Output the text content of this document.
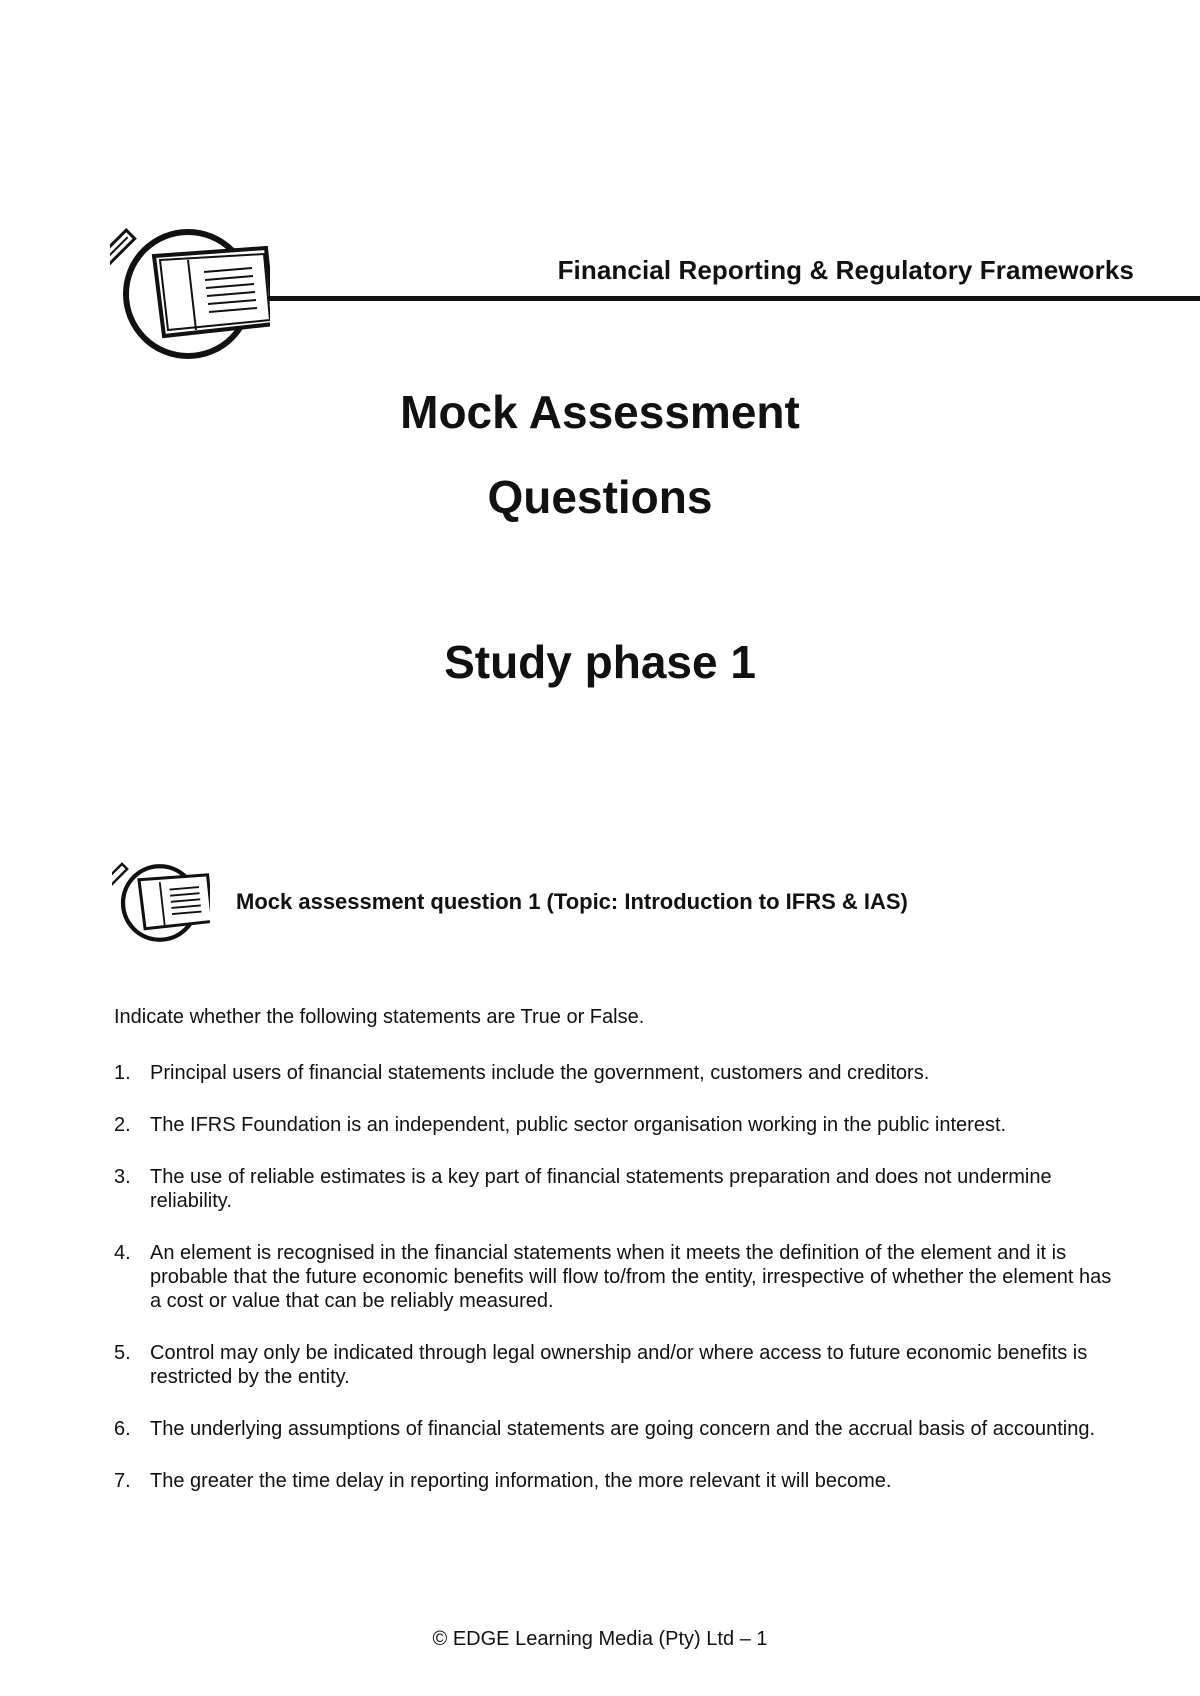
Financial Reporting & Regulatory Frameworks
Mock Assessment
Questions
Study phase 1
Mock assessment question 1 (Topic: Introduction to IFRS & IAS)
Indicate whether the following statements are True or False.
1. Principal users of financial statements include the government, customers and creditors.
2. The IFRS Foundation is an independent, public sector organisation working in the public interest.
3. The use of reliable estimates is a key part of financial statements preparation and does not undermine reliability.
4. An element is recognised in the financial statements when it meets the definition of the element and it is probable that the future economic benefits will flow to/from the entity, irrespective of whether the element has a cost or value that can be reliably measured.
5. Control may only be indicated through legal ownership and/or where access to future economic benefits is restricted by the entity.
6. The underlying assumptions of financial statements are going concern and the accrual basis of accounting.
7. The greater the time delay in reporting information, the more relevant it will become.
© EDGE Learning Media (Pty) Ltd – 1
